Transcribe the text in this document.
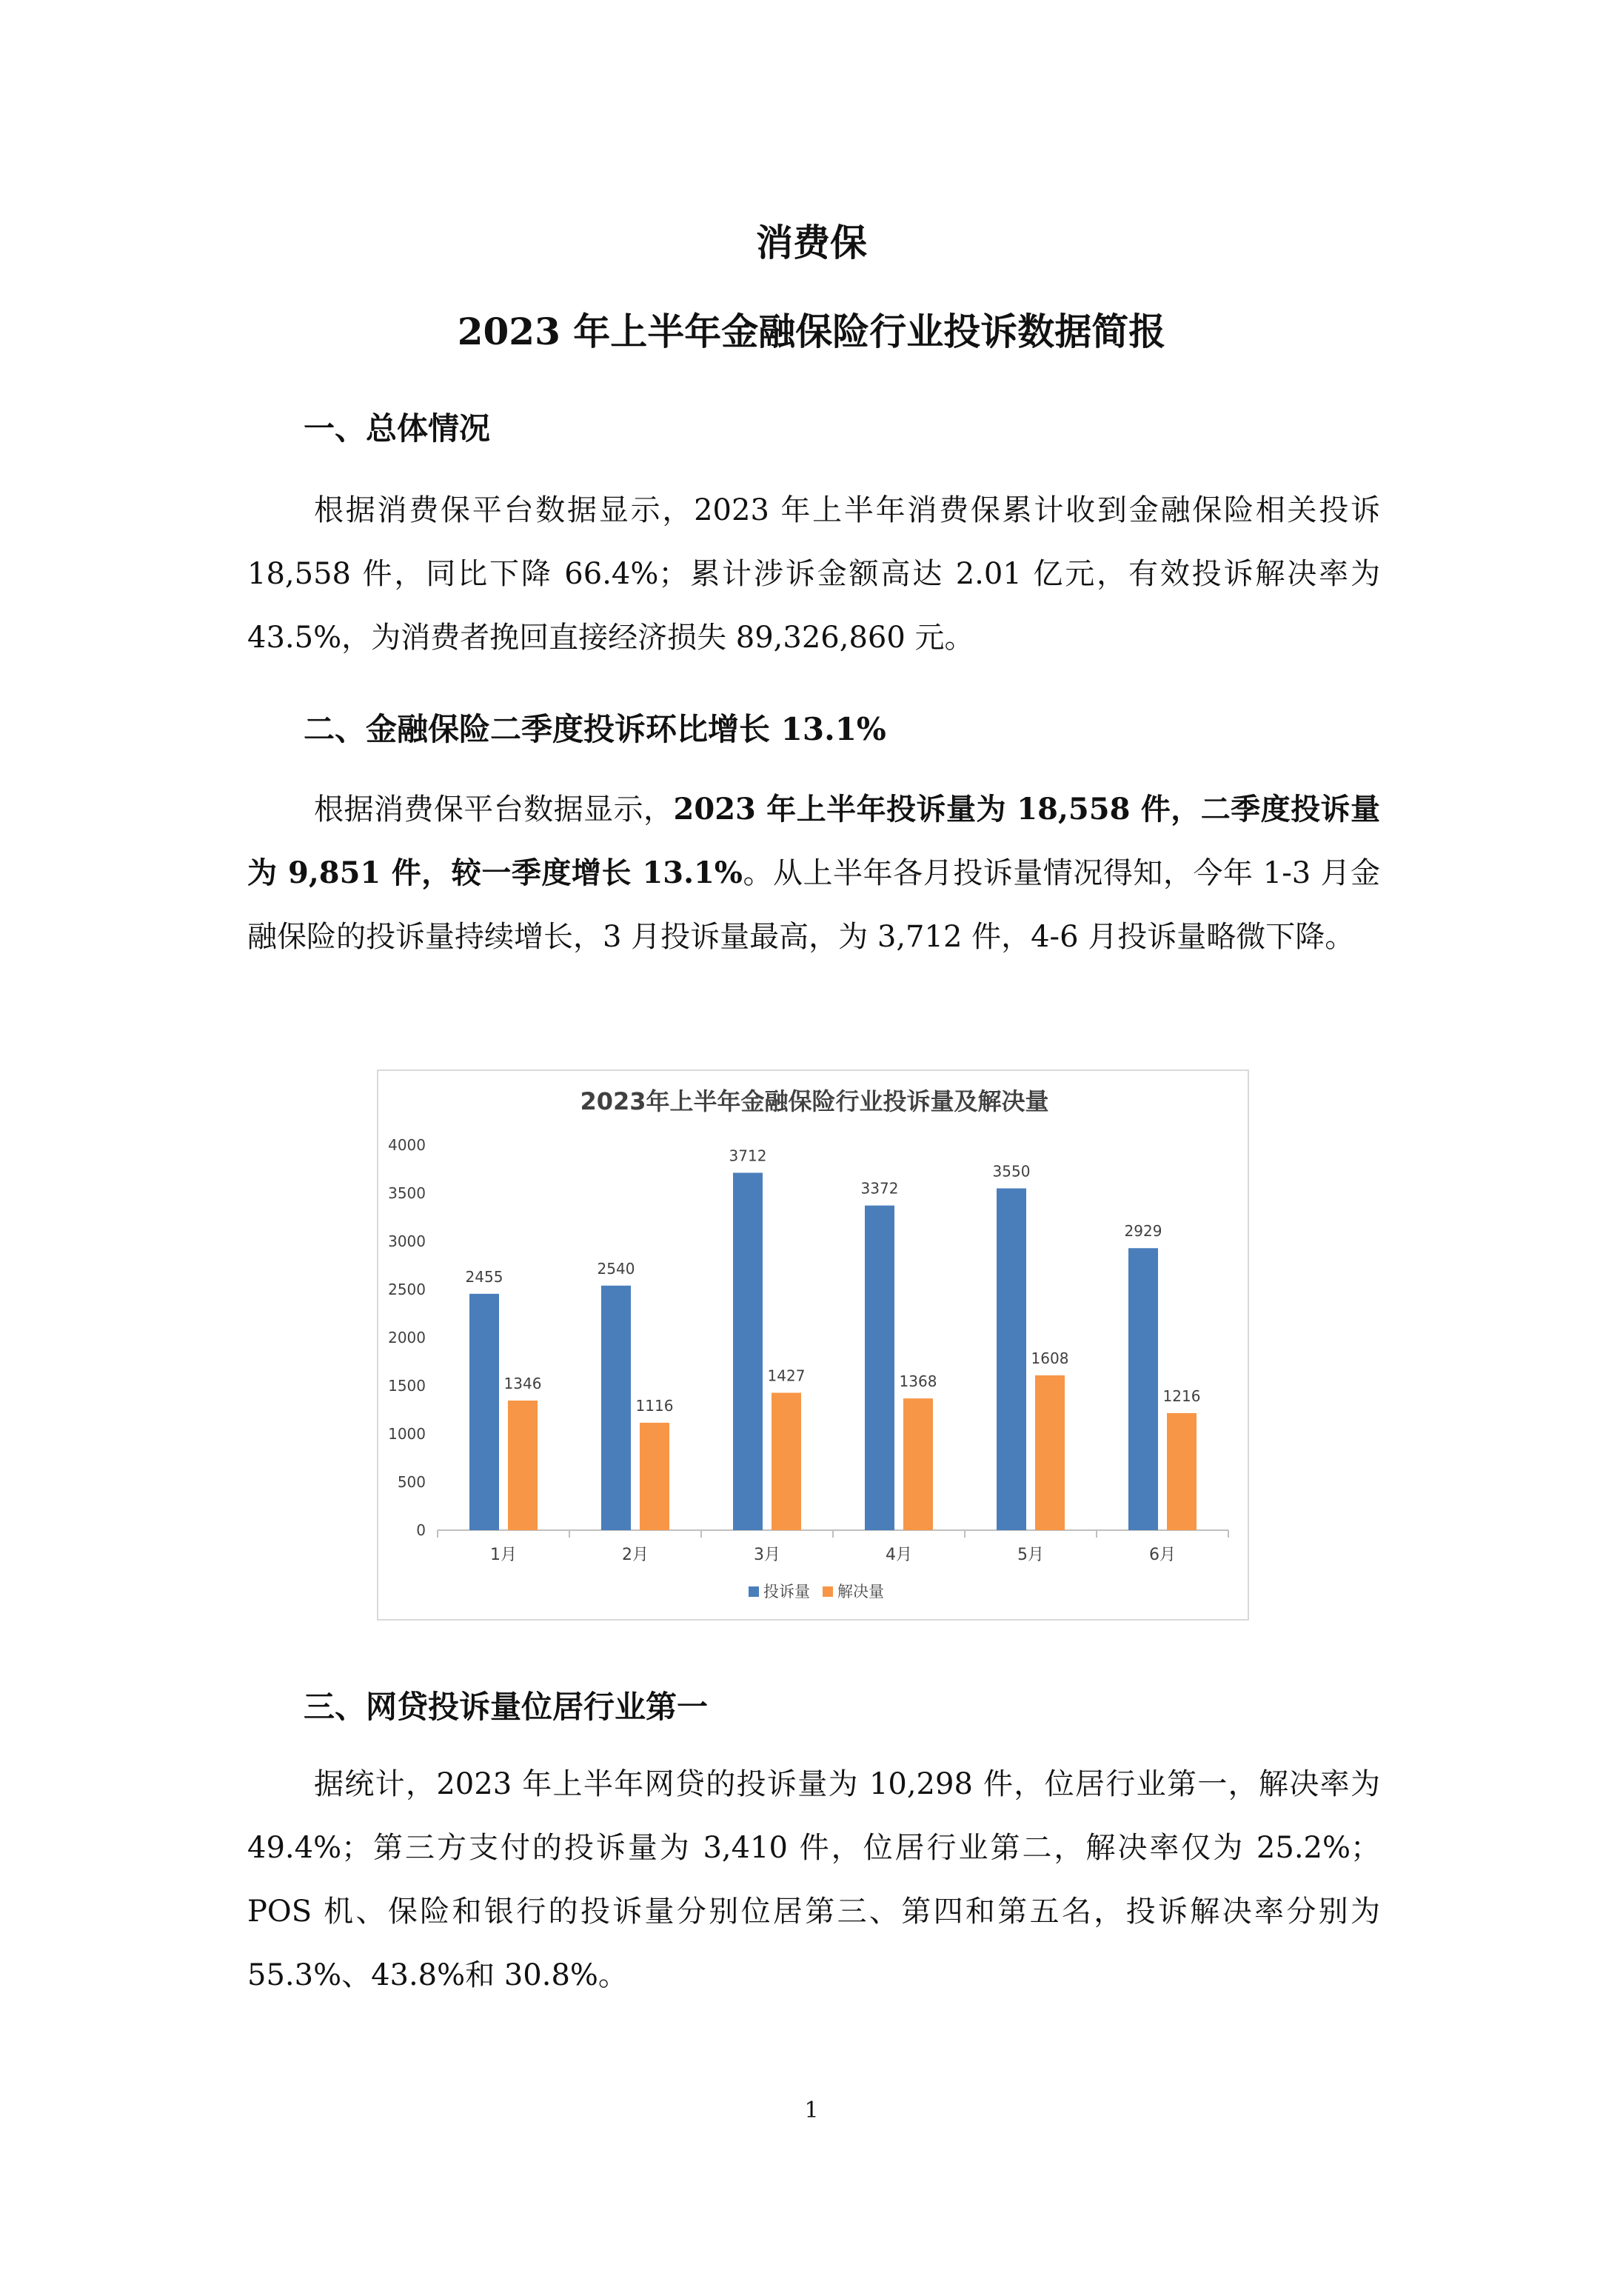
消费保
2023 年上半年金融保险行业投诉数据简报
一、总体情况

根据消费保平台数据显示，2023 年上半年消费保累计收到金融保险相关投诉 18,558 件，同比下降 66.4%；累计涉诉金额高达 2.01 亿元，有效投诉解决率为 43.5%，为消费者挽回直接经济损失 89,326,860 元。

二、金融保险二季度投诉环比增长 13.1%

根据消费保平台数据显示，2023 年上半年投诉量为 18,558 件，二季度投诉量为 9,851 件，较一季度增长 13.1%。从上半年各月投诉量情况得知，今年 1-3 月金融保险的投诉量持续增长，3 月投诉量最高，为 3,712 件，4-6 月投诉量略微下降。

2023年上半年金融保险行业投诉量及解决量
0
500
1000
1500
2000
2500
3000
3500
4000
2455
1346
1月
2540
1116
2月
3712
1427
3月
3372
1368
4月
3550
1608
5月
2929
1216
6月
投诉量 解决量
三、网贷投诉量位居行业第一

据统计，2023 年上半年网贷的投诉量为 10,298 件，位居行业第一，解决率为 49.4%；第三方支付的投诉量为 3,410 件，位居行业第二，解决率仅为 25.2%；POS 机、保险和银行的投诉量分别位居第三、第四和第五名，投诉解决率分别为 55.3%、43.8%和 30.8%。

1
